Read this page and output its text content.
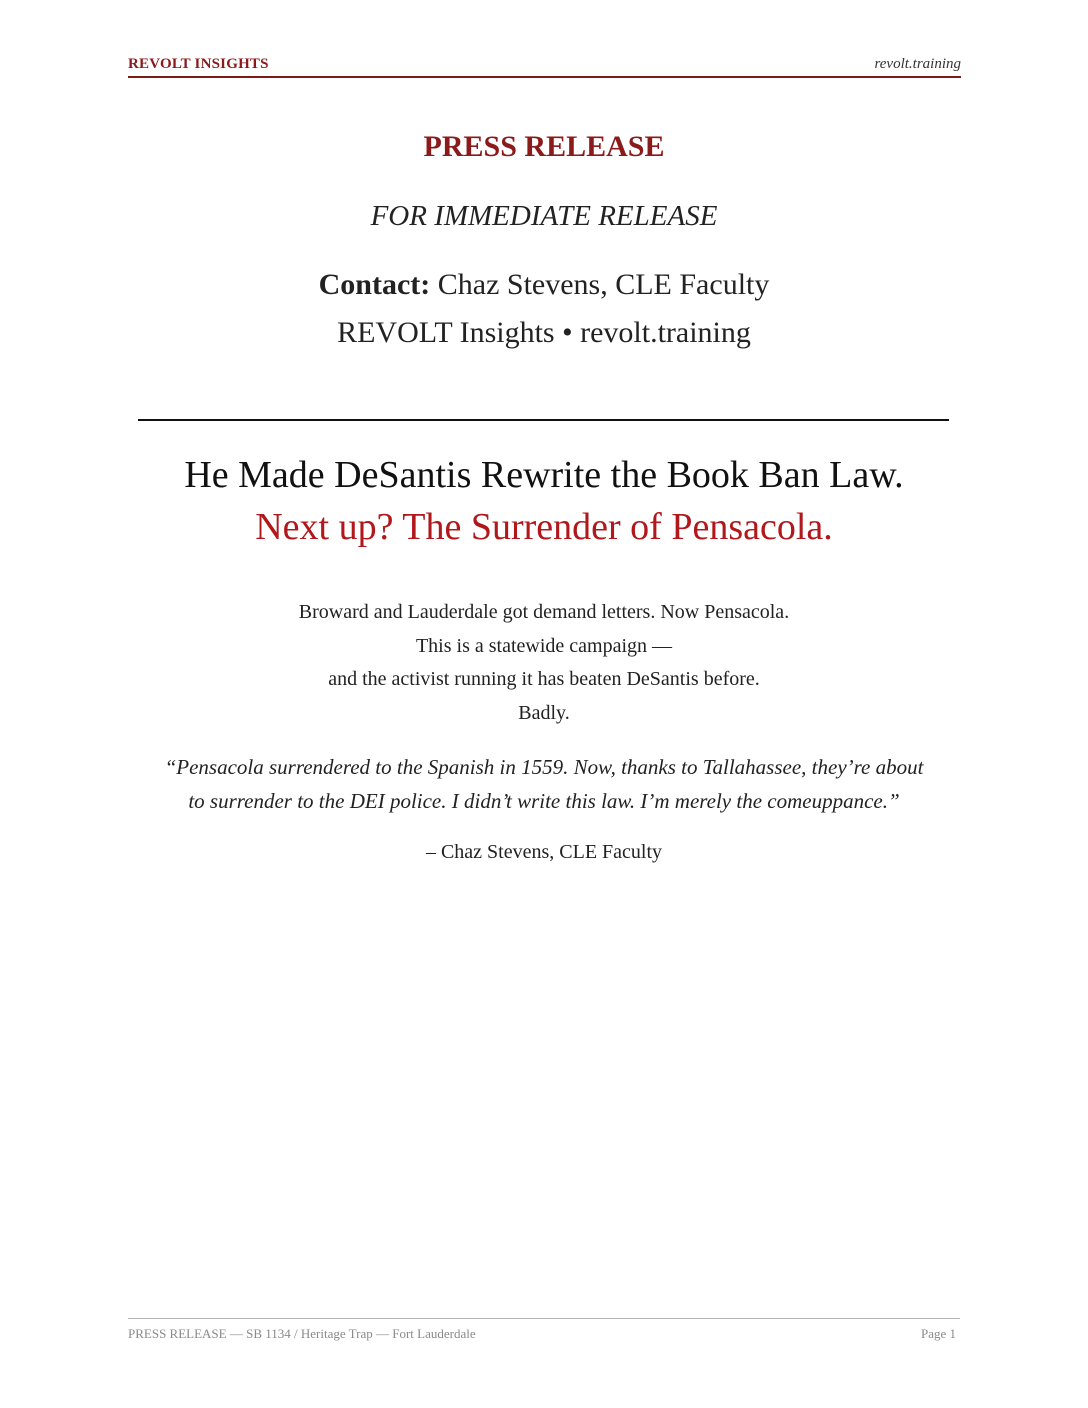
REVOLT INSIGHTS	revolt.training
PRESS RELEASE
FOR IMMEDIATE RELEASE
Contact: Chaz Stevens, CLE Faculty
REVOLT Insights • revolt.training
He Made DeSantis Rewrite the Book Ban Law.
Next up? The Surrender of Pensacola.
Broward and Lauderdale got demand letters. Now Pensacola.
This is a statewide campaign —
and the activist running it has beaten DeSantis before.
Badly.
“Pensacola surrendered to the Spanish in 1559. Now, thanks to Tallahassee, they’re about
to surrender to the DEI police. I didn’t write this law. I’m merely the comeuppance.”
– Chaz Stevens, CLE Faculty
PRESS RELEASE — SB 1134 / Heritage Trap — Fort Lauderdale	Page 1
